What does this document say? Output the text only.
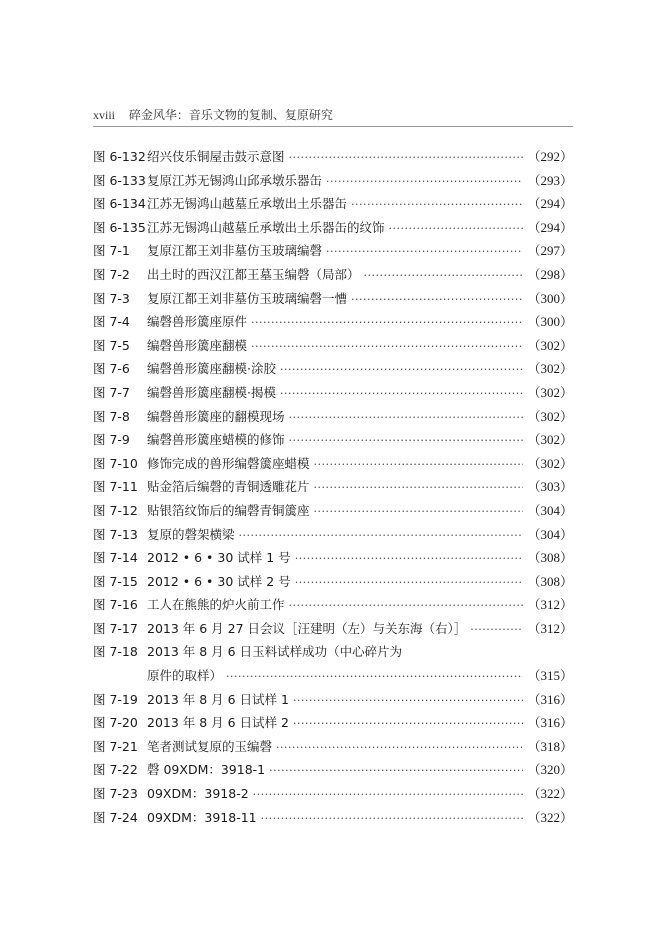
xviii 碎金风华：音乐文物的复制、复原研究
图 6-132 绍兴伎乐铜屋击鼓示意图 ·····	（292）
图 6-133 复原江苏无锡鸿山邱承墩乐器缶 ·····	（293）
图 6-134 江苏无锡鸿山越墓丘承墩出土乐器缶 ·····	（294）
图 6-135 江苏无锡鸿山越墓丘承墩出土乐器缶的纹饰 ·····	（294）
图 7-1	复原江都王刘非墓仿玉玻璃编磬 ·····	（297）
图 7-2	出土时的西汉江都王墓玉编磬（局部） ·····	（298）
图 7-3	复原江都王刘非墓仿玉玻璃编磬一慒 ·····	（300）
图 7-4	编磬兽形簴座原件 ·····	（300）
图 7-5	编磬兽形簴座翻模 ·····	（302）
图 7-6	编磬兽形簴座翻模·涂胶 ·····	（302）
图 7-7	编磬兽形簴座翻模·揭模 ·····	（302）
图 7-8	编磬兽形簴座的翻模现场 ·····	（302）
图 7-9	编磬兽形簴座蜡模的修饰 ·····	（302）
图 7-10 修饰完成的兽形编磬簴座蜡模 ·····	（302）
图 7-11 贴金箔后编磬的青铜透雕花片 ·····	（303）
图 7-12 贴银箔纹饰后的编磬青铜簴座 ·····	（304）
图 7-13 复原的磬架横梁 ·····	（304）
图 7-14 2012 • 6 • 30 试样 1 号 ·····	（308）
图 7-15 2012 • 6 • 30 试样 2 号 ·····	（308）
图 7-16 工人在熊熊的炉火前工作 ·····	（312）
图 7-17 2013 年 6 月 27 日会议［汪建明（左）与关东海（右）］ ·····	（312）
图 7-18 2013 年 8 月 6 日玉料试样成功（中心碎片为
原件的取样） ·····	（315）
图 7-19 2013 年 8 月 6 日试样 1 ·····	（316）
图 7-20 2013 年 8 月 6 日试样 2 ·····	（316）
图 7-21 笔者测试复原的玉编磬 ·····	（318）
图 7-22 磬 09XDM：3918-1 ·····	（320）
图 7-23 09XDM：3918-2 ·····	（322）
图 7-24 09XDM：3918-11 ·····	（322）
